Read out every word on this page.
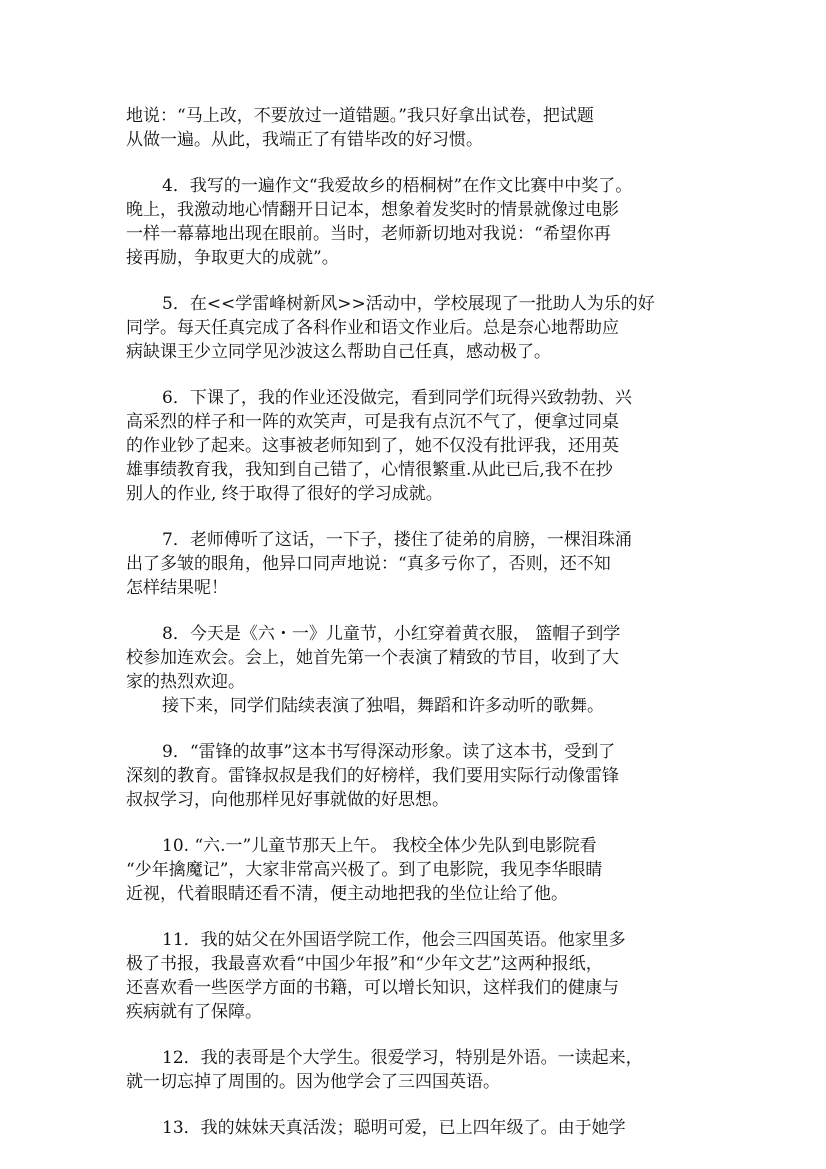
地说：“马上改，不要放过一道错题。”我只好拿出试卷，把试题
从做一遍。从此，我端正了有错毕改的好习惯。
4．我写的一遍作文“我爱故乡的梧桐树”在作文比赛中中奖了。
晚上，我激动地心情翻开日记本，想象着发奖时的情景就像过电影
一样一幕幕地出现在眼前。当时，老师新切地对我说：“希望你再
接再励，争取更大的成就”。
5．在<<学雷峰树新风>>活动中，学校展现了一批助人为乐的好
同学。每天任真完成了各科作业和语文作业后。总是奈心地帮助应
病缺课王少立同学见沙波这么帮助自己任真，感动极了。
6．下课了，我的作业还没做完，看到同学们玩得兴致勃勃、兴
高采烈的样子和一阵的欢笑声，可是我有点沉不气了，便拿过同桌
的作业钞了起来。这事被老师知到了，她不仅没有批评我，还用英
雄事绩教育我，我知到自己错了，心情很繁重.从此已后,我不在抄
别人的作业, 终于取得了很好的学习成就。
7．老师傅听了这话，一下子，搂住了徒弟的肩膀，一棵泪珠涌
出了多皱的眼角，他异口同声地说：“真多亏你了，否则，还不知
怎样结果呢！
8．今天是《六・一》儿童节，小红穿着黄衣服， 篮帽子到学
校参加连欢会。会上，她首先第一个表演了精致的节目，收到了大
家的热烈欢迎。
接下来，同学们陆续表演了独唱，舞蹈和许多动听的歌舞。
9．“雷锋的故事”这本书写得深动形象。读了这本书，受到了
深刻的教育。雷锋叔叔是我们的好榜样，我们要用实际行动像雷锋
叔叔学习，向他那样见好事就做的好思想。
10. “六.一”儿童节那天上午。 我校全体少先队到电影院看
“少年擒魔记”，大家非常高兴极了。到了电影院，我见李华眼睛
近视，代着眼睛还看不清，便主动地把我的坐位让给了他。
11．我的姑父在外国语学院工作，他会三四国英语。他家里多
极了书报，我最喜欢看“中国少年报”和“少年文艺”这两种报纸，
还喜欢看一些医学方面的书籍，可以增长知识，这样我们的健康与
疾病就有了保障。
12．我的表哥是个大学生。很爱学习，特别是外语。一读起来，
就一切忘掉了周围的。因为他学会了三四国英语。
13．我的妹妹天真活泼；聪明可爱，已上四年级了。由于她学
